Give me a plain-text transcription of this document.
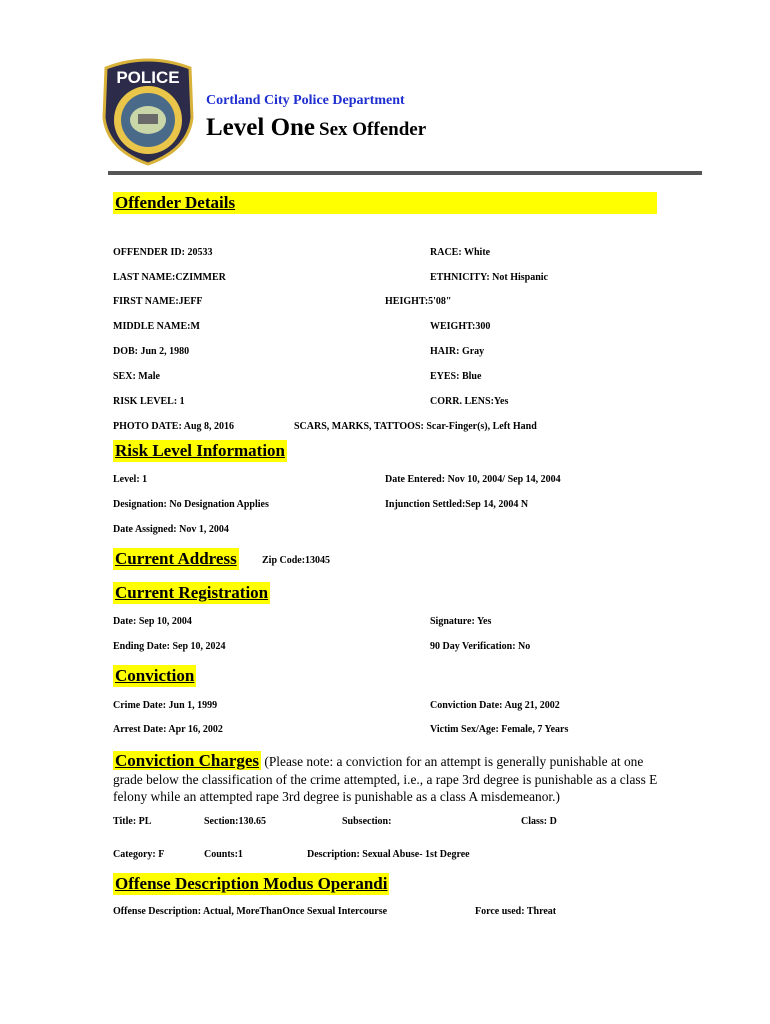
POLICE
Cortland City Police Department
Level One Sex Offender
Offender Details
OFFENDER ID: 20533	RACE: White
LAST NAME:CZIMMER	ETHNICITY: Not Hispanic
FIRST NAME:JEFF	HEIGHT:5'08"
MIDDLE NAME:M	WEIGHT:300
DOB: Jun 2, 1980	HAIR: Gray
SEX: Male	EYES: Blue
RISK LEVEL: 1	CORR. LENS:Yes
PHOTO DATE: Aug 8, 2016	SCARS, MARKS, TATTOOS: Scar-Finger(s), Left Hand
Risk Level Information
Level: 1	Date Entered: Nov 10, 2004/ Sep 14, 2004
Designation: No Designation Applies	Injunction Settled:Sep 14, 2004 N
Date Assigned: Nov 1, 2004
Current Address	Zip Code:13045
Current Registration
Date: Sep 10, 2004	Signature: Yes
Ending Date: Sep 10, 2024	90 Day Verification: No
Conviction
Crime Date: Jun 1, 1999	Conviction Date: Aug 21, 2002
Arrest Date: Apr 16, 2002	Victim Sex/Age: Female, 7 Years
Conviction Charges (Please note: a conviction for an attempt is generally punishable at one grade below the classification of the crime attempted, i.e., a rape 3rd degree is punishable as a class E felony while an attempted rape 3rd degree is punishable as a class A misdemeanor.)
Title: PL	Section:130.65	Subsection:	Class: D
Category: F	Counts:1	Description: Sexual Abuse- 1st Degree
Offense Description Modus Operandi
Offense Description: Actual, MoreThanOnce Sexual Intercourse	Force used: Threat
